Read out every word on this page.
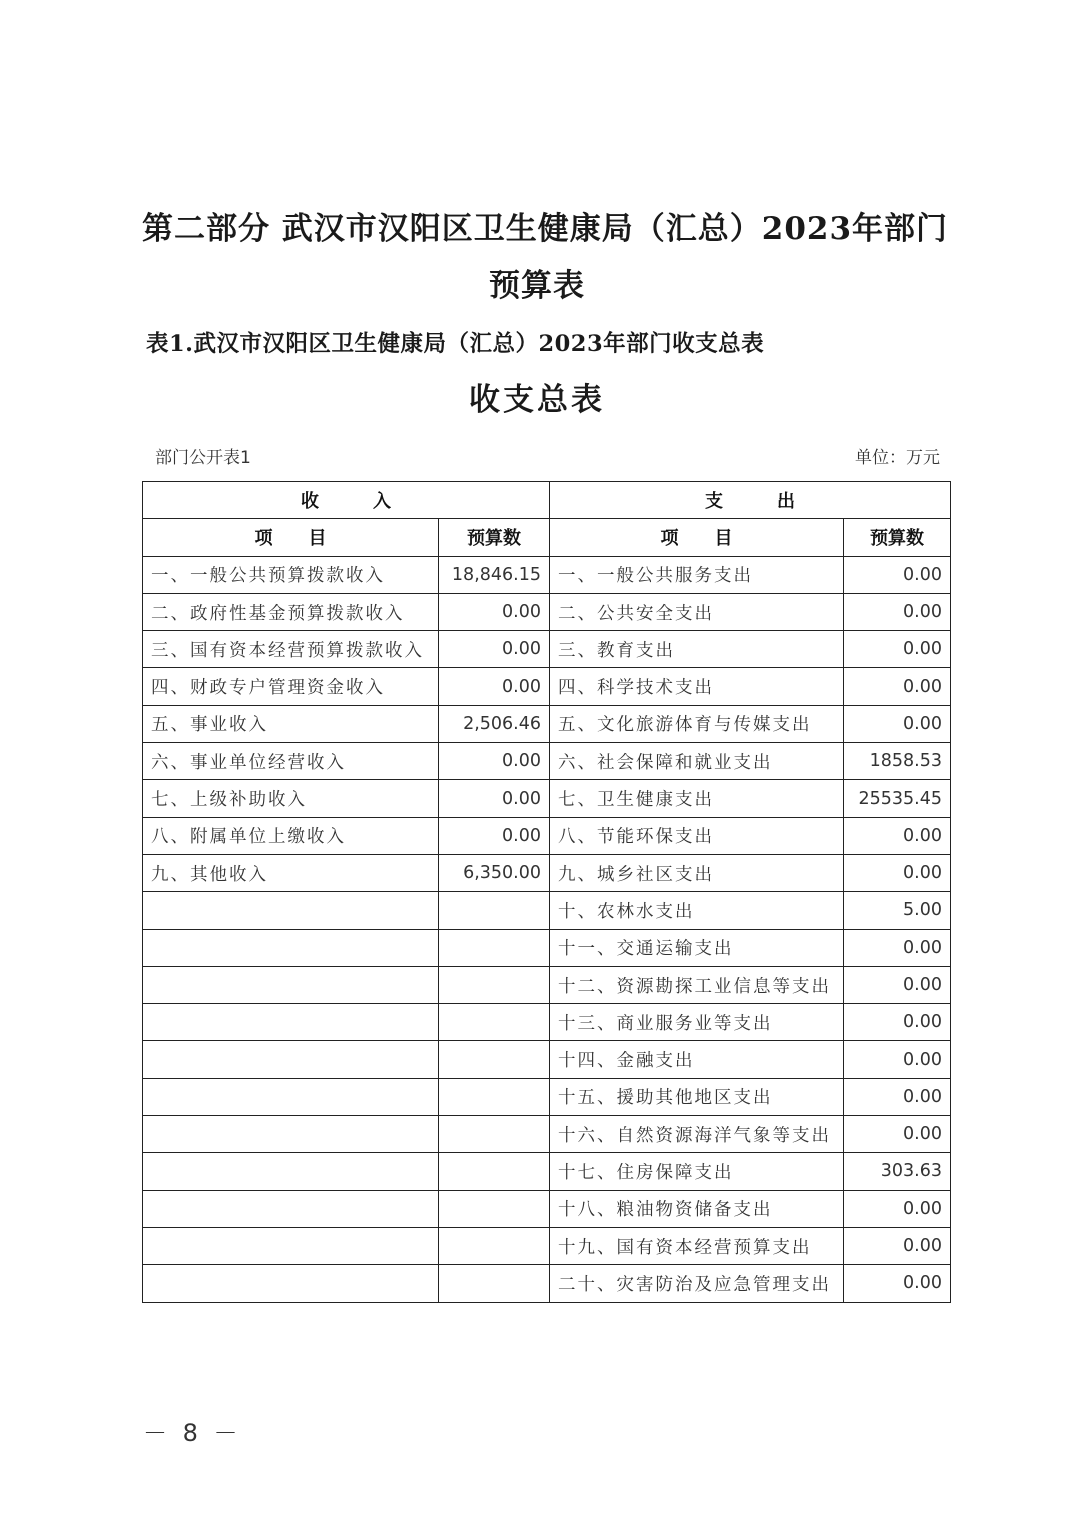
第二部分 武汉市汉阳区卫生健康局（汇总）2023年部门
预算表
表1.武汉市汉阳区卫生健康局（汇总）2023年部门收支总表
收支总表
部门公开表1	单位：万元
收　　　入		支　　　出	
项　　目	预算数	项　　目	预算数
一、一般公共预算拨款收入	18,846.15	一、一般公共服务支出	0.00
二、政府性基金预算拨款收入	0.00	二、公共安全支出	0.00
三、国有资本经营预算拨款收入	0.00	三、教育支出	0.00
四、财政专户管理资金收入	0.00	四、科学技术支出	0.00
五、事业收入	2,506.46	五、文化旅游体育与传媒支出	0.00
六、事业单位经营收入	0.00	六、社会保障和就业支出	1858.53
七、上级补助收入	0.00	七、卫生健康支出	25535.45
八、附属单位上缴收入	0.00	八、节能环保支出	0.00
九、其他收入	6,350.00	九、城乡社区支出	0.00
		十、农林水支出	5.00
		十一、交通运输支出	0.00
		十二、资源勘探工业信息等支出	0.00
		十三、商业服务业等支出	0.00
		十四、金融支出	0.00
		十五、援助其他地区支出	0.00
		十六、自然资源海洋气象等支出	0.00
		十七、住房保障支出	303.63
		十八、粮油物资储备支出	0.00
		十九、国有资本经营预算支出	0.00
		二十、灾害防治及应急管理支出	0.00
－ 8 －
